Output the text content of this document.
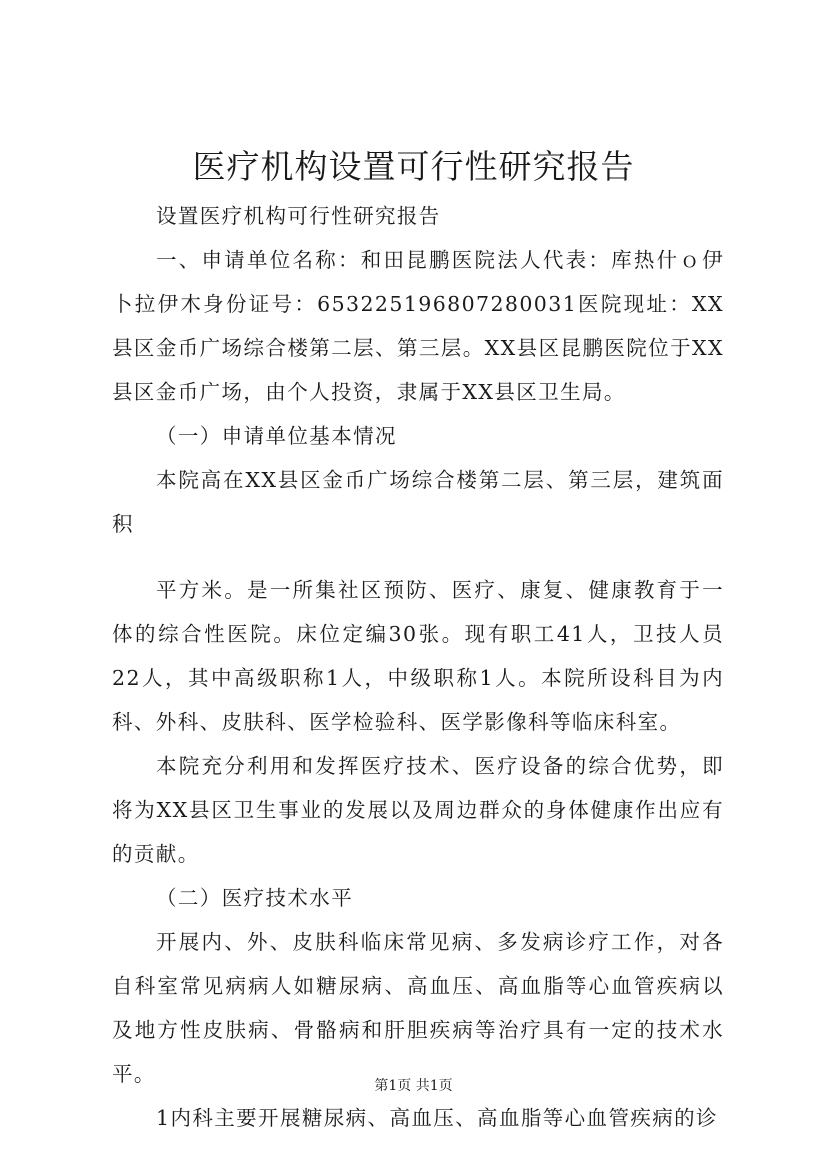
医疗机构设置可行性研究报告

设置医疗机构可行性研究报告

一、申请单位名称：和田昆鹏医院法人代表：库热什ｏ伊卜拉伊木身份证号：653225196807280031医院现址：XX县区金币广场综合楼第二层、第三层。XX县区昆鹏医院位于XX县区金币广场，由个人投资，隶属于XX县区卫生局。

（一）申请单位基本情况

本院高在XX县区金币广场综合楼第二层、第三层，建筑面积

平方米。是一所集社区预防、医疗、康复、健康教育于一体的综合性医院。床位定编30张。现有职工41人，卫技人员22人，其中高级职称1人，中级职称1人。本院所设科目为内科、外科、皮肤科、医学检验科、医学影像科等临床科室。

本院充分利用和发挥医疗技术、医疗设备的综合优势，即将为XX县区卫生事业的发展以及周边群众的身体健康作出应有的贡献。

（二）医疗技术水平

开展内、外、皮肤科临床常见病、多发病诊疗工作，对各自科室常见病病人如糖尿病、高血压、高血脂等心血管疾病以及地方性皮肤病、骨骼病和肝胆疾病等治疗具有一定的技术水平。

1内科主要开展糖尿病、高血压、高血脂等心血管疾病的诊

第1页 共1页
